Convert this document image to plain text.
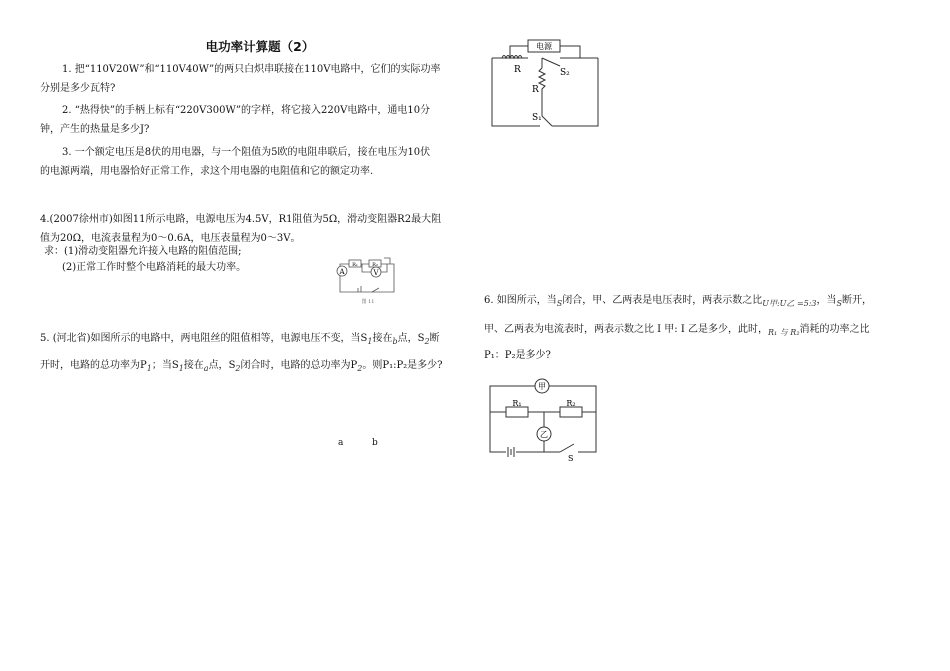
电功率计算题（2）

1. 把“110V20W”和“110V40W”的两只白炽串联接在110V电路中，它们的实际功率

分别是多少瓦特?

2. “热得快”的手柄上标有“220V300W”的字样，将它接入220V电路中，通电10分

钟，产生的热量是多少J?

3. 一个额定电压是8伏的用电器，与一个阻值为5欧的电阻串联后，接在电压为10伏

的电源两端，用电器恰好正常工作，求这个用电器的电阻值和它的额定功率.

4.(2007徐州市)如图11所示电路，电源电压为4.5V，R1阻值为5Ω，滑动变阻器R2最大阻

值为20Ω，电流表量程为0～0.6A，电压表量程为0～3V。

求：(1)滑动变阻器允许接入电路的阻值范围;
(2)正常工作时整个电路消耗的最大功率。	A	V
R₁	R₂
图 11
5. (河北省)如图所示的电路中，两电阻丝的阻值相等，电源电压不变，当$S_1$接在$_b$点，$S_2$断
开时，电路的总功率为$P_1$；当$S_1$接在$_a$点，$S_2$闭合时，电路的总功率为$P_2$。则P₁:P₂是多少?
a	b
电源
R
R
S₂
S₁
6. 如图所示，当$_S$闭合，甲、乙两表是电压表时，两表示数之比$_{U甲:U乙 =5:3}$，当$_S$断开，
甲、乙两表为电流表时，两表示数之比 I 甲: I 乙是多少，此时，$_{R_1 与 R_2}$消耗的功率之比
P₁：P₂是多少?
甲
乙
R₁	R₂
S
